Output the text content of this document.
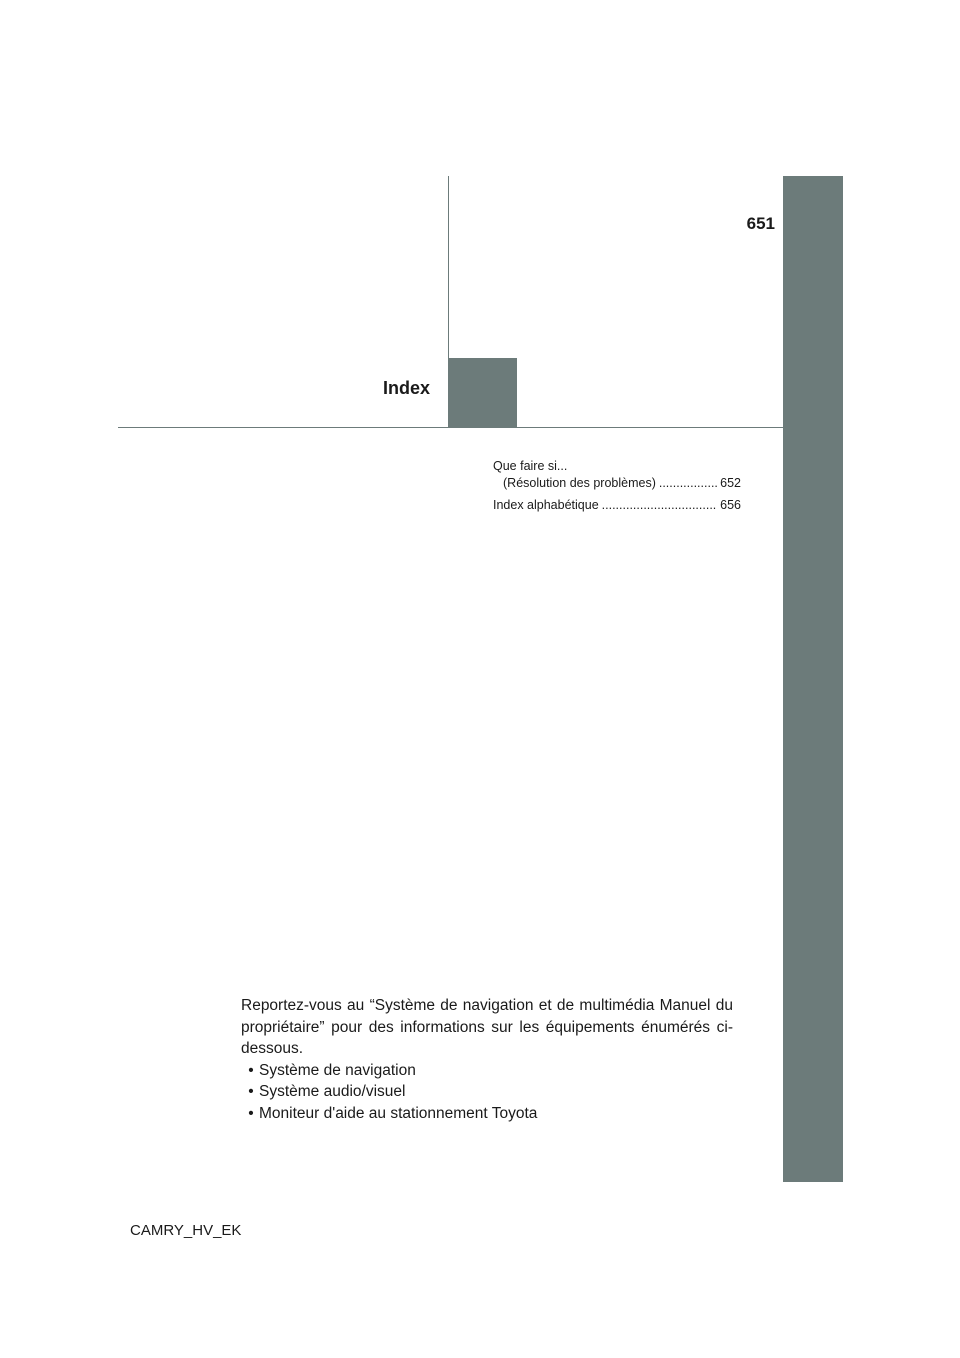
651
Index
Que faire si...
(Résolution des problèmes) .....	652
Index alphabétique .....	656

Reportez-vous au “Système de navigation et de multimédia Manuel du propriétaire” pour des informations sur les équipements énumérés ci-dessous.

• Système de navigation
• Système audio/visuel
• Moniteur d'aide au stationnement Toyota
CAMRY_HV_EK
